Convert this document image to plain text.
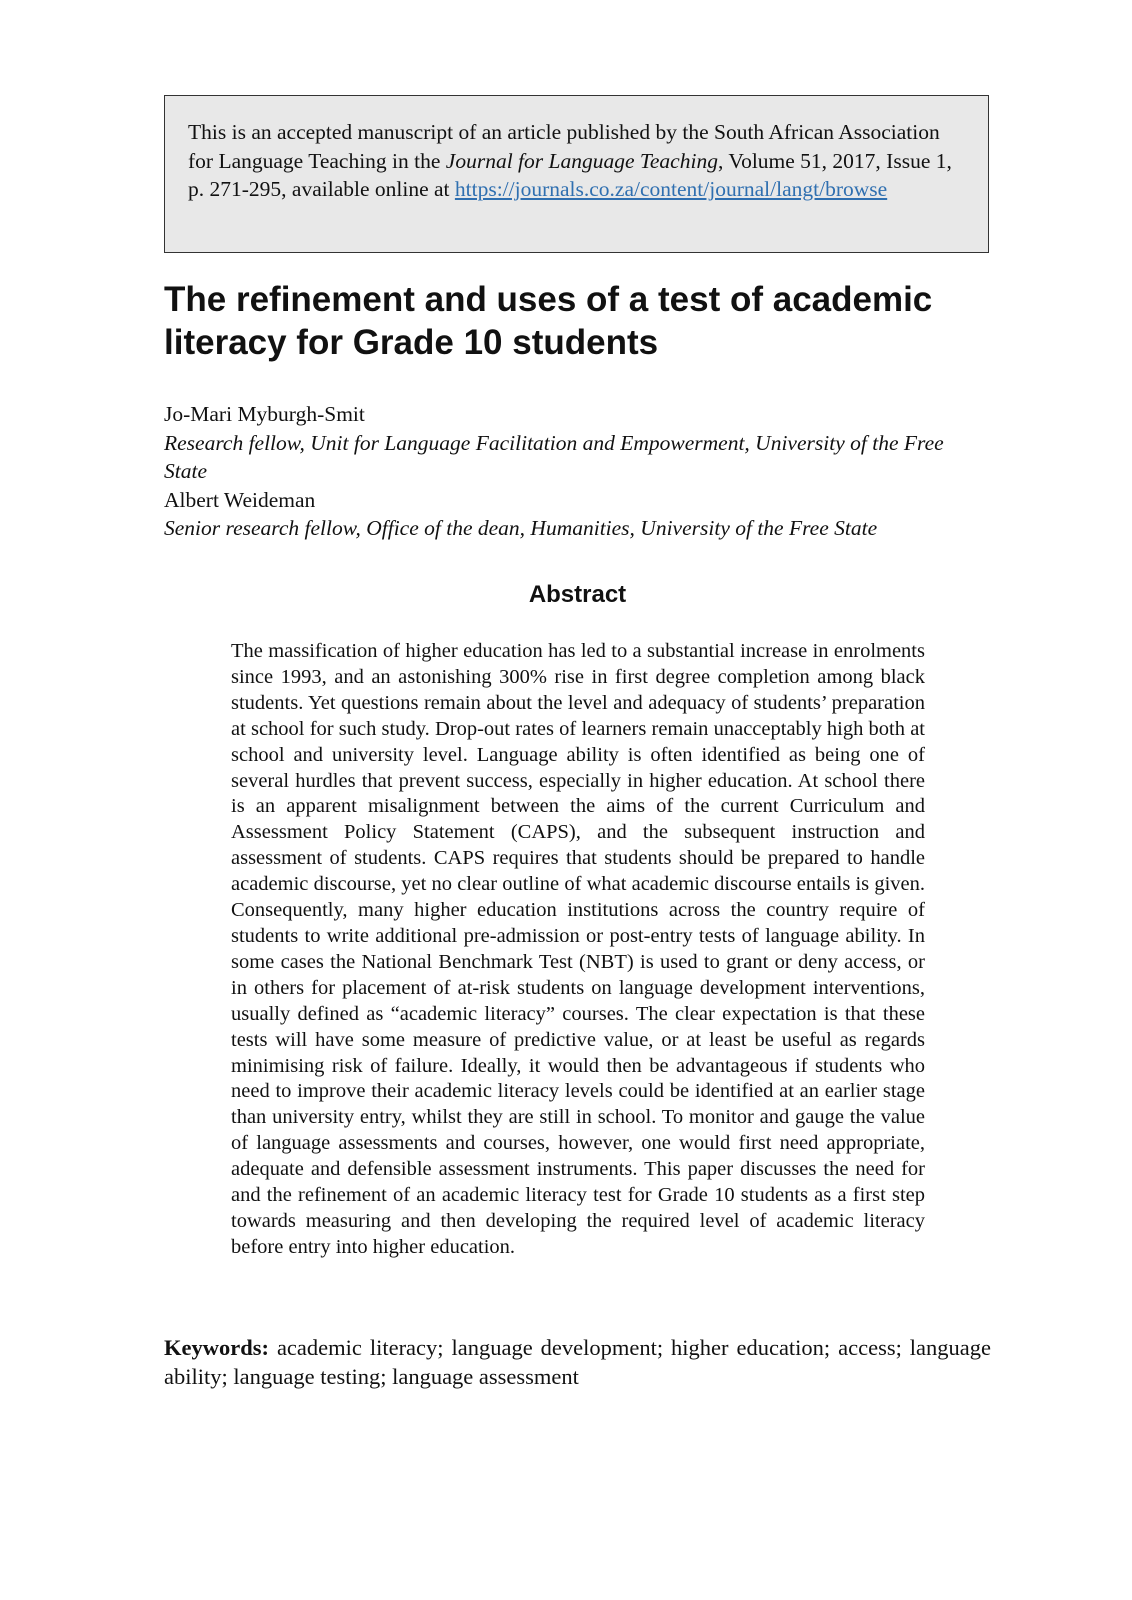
This is an accepted manuscript of an article published by the South African Association for Language Teaching in the Journal for Language Teaching, Volume 51, 2017, Issue 1, p. 271-295, available online at https://journals.co.za/content/journal/langt/browse
The refinement and uses of a test of academic literacy for Grade 10 students
Jo-Mari Myburgh-Smit
Research fellow, Unit for Language Facilitation and Empowerment, University of the Free State
Albert Weideman
Senior research fellow, Office of the dean, Humanities, University of the Free State
Abstract

The massification of higher education has led to a substantial increase in enrolments since 1993, and an astonishing 300% rise in first degree completion among black students. Yet questions remain about the level and adequacy of students’ preparation at school for such study. Drop-out rates of learners remain unacceptably high both at school and university level. Language ability is often identified as being one of several hurdles that prevent success, especially in higher education. At school there is an apparent misalignment between the aims of the current Curriculum and Assessment Policy Statement (CAPS), and the subsequent instruction and assessment of students. CAPS requires that students should be prepared to handle academic discourse, yet no clear outline of what academic discourse entails is given. Consequently, many higher education institutions across the country require of students to write additional pre-admission or post-entry tests of language ability. In some cases the National Benchmark Test (NBT) is used to grant or deny access, or in others for placement of at-risk students on language development interventions, usually defined as “academic literacy” courses. The clear expectation is that these tests will have some measure of predictive value, or at least be useful as regards minimising risk of failure. Ideally, it would then be advantageous if students who need to improve their academic literacy levels could be identified at an earlier stage than university entry, whilst they are still in school. To monitor and gauge the value of language assessments and courses, however, one would first need appropriate, adequate and defensible assessment instruments. This paper discusses the need for and the refinement of an academic literacy test for Grade 10 students as a first step towards measuring and then developing the required level of academic literacy before entry into higher education.

Keywords: academic literacy; language development; higher education; access; language ability; language testing; language assessment
